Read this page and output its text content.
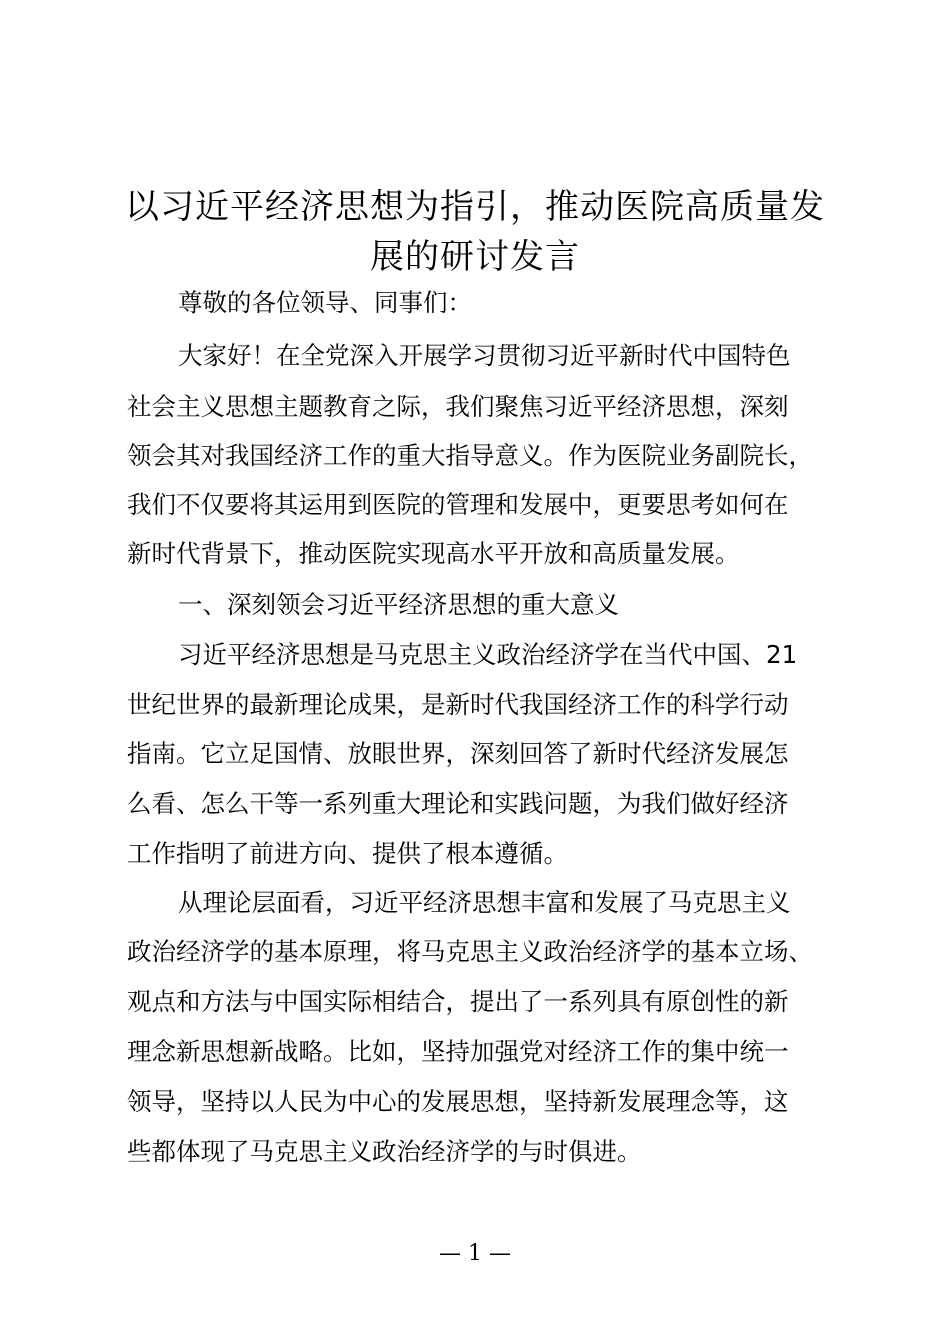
以习近平经济思想为指引，推动医院高质量发
展的研讨发言
尊敬的各位领导、同事们：
大家好！在全党深入开展学习贯彻习近平新时代中国特色
社会主义思想主题教育之际，我们聚焦习近平经济思想，深刻
领会其对我国经济工作的重大指导意义。作为医院业务副院长，
我们不仅要将其运用到医院的管理和发展中，更要思考如何在
新时代背景下，推动医院实现高水平开放和高质量发展。
一、深刻领会习近平经济思想的重大意义
习近平经济思想是马克思主义政治经济学在当代中国、21
世纪世界的最新理论成果，是新时代我国经济工作的科学行动
指南。它立足国情、放眼世界，深刻回答了新时代经济发展怎
么看、怎么干等一系列重大理论和实践问题，为我们做好经济
工作指明了前进方向、提供了根本遵循。
从理论层面看，习近平经济思想丰富和发展了马克思主义
政治经济学的基本原理，将马克思主义政治经济学的基本立场、
观点和方法与中国实际相结合，提出了一系列具有原创性的新
理念新思想新战略。比如，坚持加强党对经济工作的集中统一
领导，坚持以人民为中心的发展思想，坚持新发展理念等，这
些都体现了马克思主义政治经济学的与时俱进。
— 1 —
